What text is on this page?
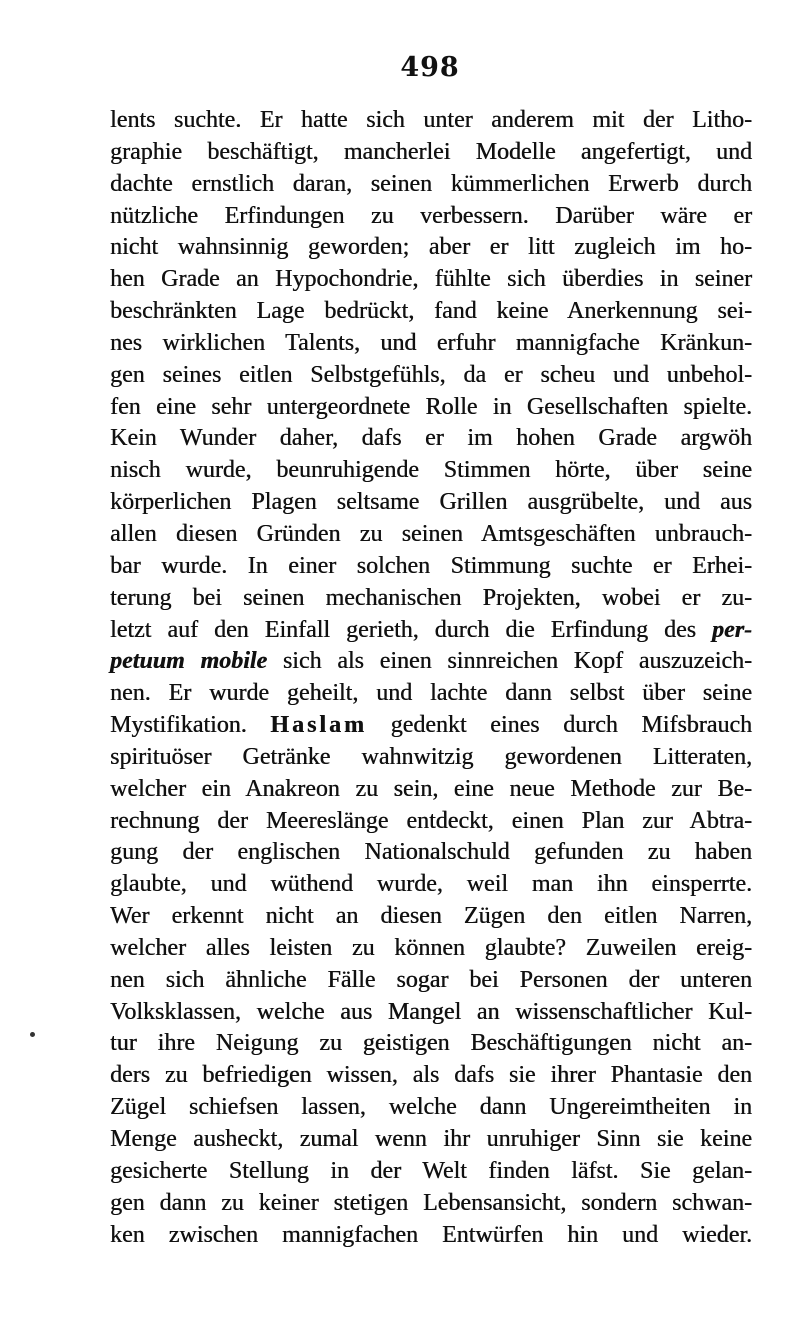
498
lents suchte. Er hatte sich unter anderem mit der Litho-
graphie beschäftigt, mancherlei Modelle angefertigt, und
dachte ernstlich daran, seinen kümmerlichen Erwerb durch
nützliche Erfindungen zu verbessern. Darüber wäre er
nicht wahnsinnig geworden; aber er litt zugleich im ho-
hen Grade an Hypochondrie, fühlte sich überdies in seiner
beschränkten Lage bedrückt, fand keine Anerkennung sei-
nes wirklichen Talents, und erfuhr mannigfache Kränkun-
gen seines eitlen Selbstgefühls, da er scheu und unbehol-
fen eine sehr untergeordnete Rolle in Gesellschaften spielte.
Kein Wunder daher, dafs er im hohen Grade argwöh
nisch wurde, beunruhigende Stimmen hörte, über seine
körperlichen Plagen seltsame Grillen ausgrübelte, und aus
allen diesen Gründen zu seinen Amtsgeschäften unbrauch-
bar wurde. In einer solchen Stimmung suchte er Erhei-
terung bei seinen mechanischen Projekten, wobei er zu-
letzt auf den Einfall gerieth, durch die Erfindung des per-
petuum mobile sich als einen sinnreichen Kopf auszuzeich-
nen. Er wurde geheilt, und lachte dann selbst über seine
Mystifikation. Haslam gedenkt eines durch Mifsbrauch
spirituöser Getränke wahnwitzig gewordenen Litteraten,
welcher ein Anakreon zu sein, eine neue Methode zur Be-
rechnung der Meereslänge entdeckt, einen Plan zur Abtra-
gung der englischen Nationalschuld gefunden zu haben
glaubte, und wüthend wurde, weil man ihn einsperrte.
Wer erkennt nicht an diesen Zügen den eitlen Narren,
welcher alles leisten zu können glaubte? Zuweilen ereig-
nen sich ähnliche Fälle sogar bei Personen der unteren
Volksklassen, welche aus Mangel an wissenschaftlicher Kul-
tur ihre Neigung zu geistigen Beschäftigungen nicht an-
ders zu befriedigen wissen, als dafs sie ihrer Phantasie den
Zügel schiefsen lassen, welche dann Ungereimtheiten in
Menge ausheckt, zumal wenn ihr unruhiger Sinn sie keine
gesicherte Stellung in der Welt finden läfst. Sie gelan-
gen dann zu keiner stetigen Lebensansicht, sondern schwan-
ken zwischen mannigfachen Entwürfen hin und wieder.
